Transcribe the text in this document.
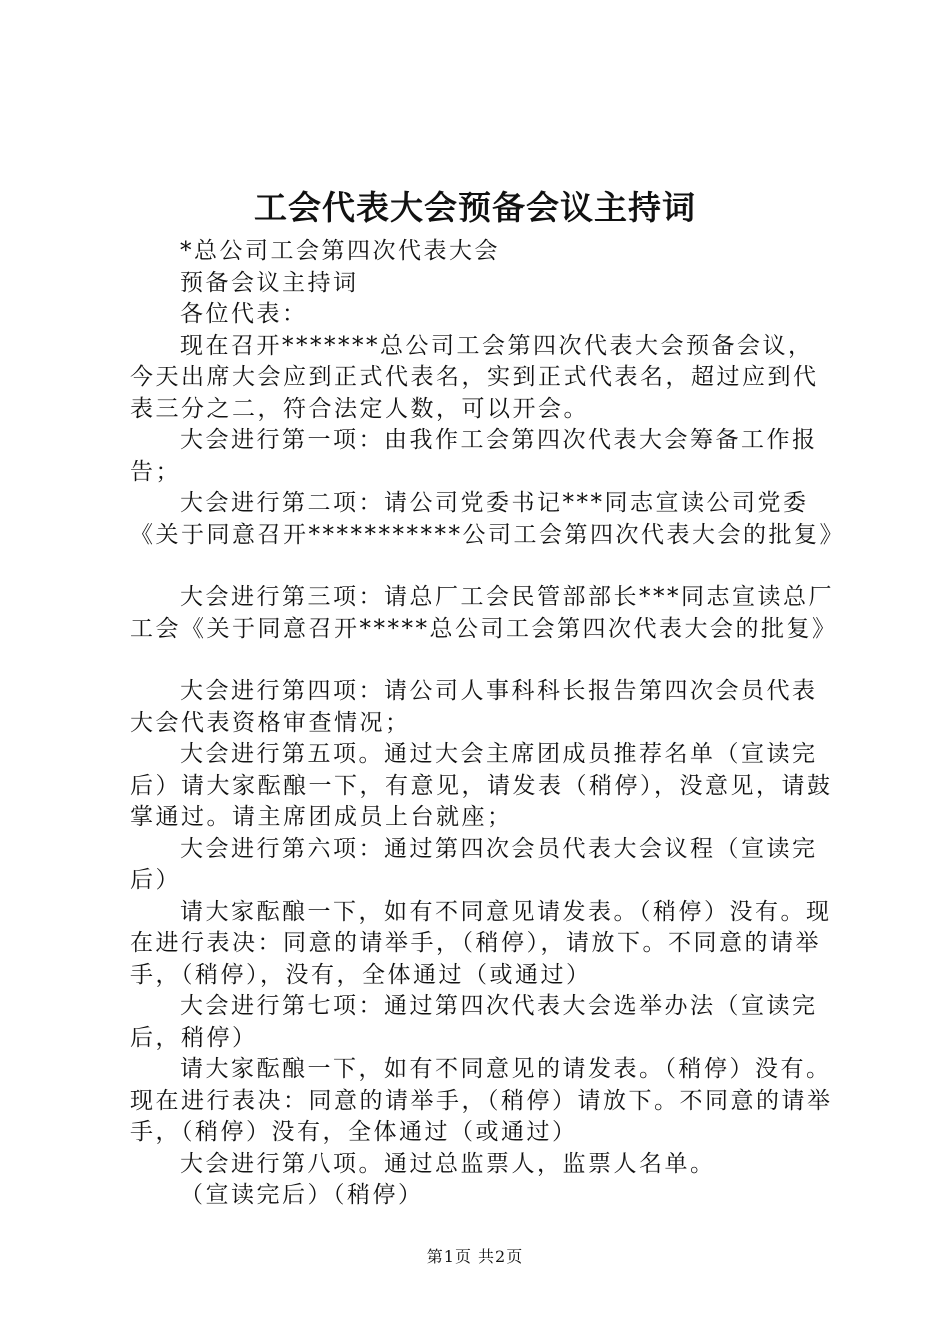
工会代表大会预备会议主持词

*总公司工会第四次代表大会

预备会议主持词

各位代表：

现在召开*******总公司工会第四次代表大会预备会议，今天出席大会应到正式代表名，实到正式代表名，超过应到代表三分之二，符合法定人数，可以开会。

大会进行第一项：由我作工会第四次代表大会筹备工作报告；

大会进行第二项：请公司党委书记***同志宣读公司党委《关于同意召开***********公司工会第四次代表大会的批复》

大会进行第三项：请总厂工会民管部部长***同志宣读总厂工会《关于同意召开*****总公司工会第四次代表大会的批复》

大会进行第四项：请公司人事科科长报告第四次会员代表大会代表资格审查情况；

大会进行第五项。通过大会主席团成员推荐名单（宣读完后）请大家酝酿一下，有意见，请发表（稍停），没意见，请鼓掌通过。请主席团成员上台就座；

大会进行第六项：通过第四次会员代表大会议程（宣读完后）

请大家酝酿一下，如有不同意见请发表。（稍停）没有。现在进行表决：同意的请举手，（稍停），请放下。不同意的请举手，（稍停），没有，全体通过（或通过）

大会进行第七项：通过第四次代表大会选举办法（宣读完后，稍停）

请大家酝酿一下，如有不同意见的请发表。（稍停）没有。现在进行表决：同意的请举手，（稍停）请放下。不同意的请举手，（稍停）没有，全体通过（或通过）

大会进行第八项。通过总监票人，监票人名单。

（宣读完后）（稍停）

第1页 共2页
